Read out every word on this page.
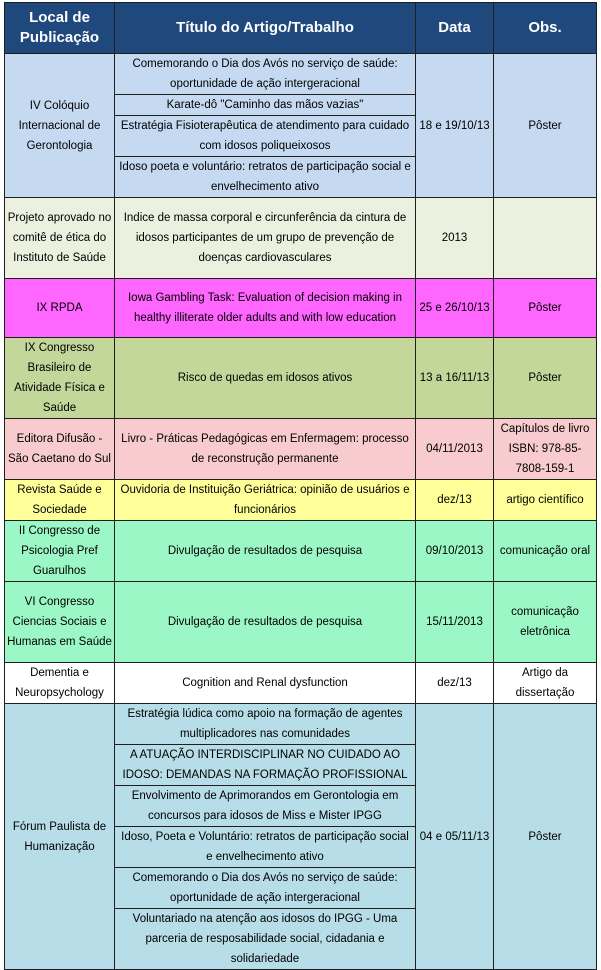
Local de Publicação	Título do Artigo/Trabalho	Data	Obs.
IV Colóquio Internacional de Gerontologia	Comemorando o Dia dos Avós no serviço de saúde: oportunidade de ação intergeracional	18 e 19/10/13	Pôster
	Karate-dô "Caminho das mãos vazias"		
	Estratégia Fisioterapêutica de atendimento para cuidado com idosos poliqueixosos		
	Idoso poeta e voluntário: retratos de participação social e envelhecimento ativo		
Projeto aprovado no comitê de ética do Instituto de Saúde	Indice de massa corporal e circunferência da cintura de idosos participantes de um grupo de prevenção de doenças cardiovasculares	2013	
IX RPDA	Iowa Gambling Task: Evaluation of decision making in healthy illiterate older adults and with low education	25 e 26/10/13	Pôster
IX Congresso Brasileiro de Atividade Física e Saúde	Risco de quedas em idosos ativos	13 a 16/11/13	Pôster
Editora Difusão - São Caetano do Sul	Livro - Práticas Pedagógicas em Enfermagem: processo de reconstrução permanente	04/11/2013	Capítulos de livro ISBN: 978-85-7808-159-1
Revista Saúde e Sociedade	Ouvidoria de Instituição Geriátrica: opinião de usuários e funcionários	dez/13	artigo científico
II Congresso de Psicologia Pref Guarulhos	Divulgação de resultados de pesquisa	09/10/2013	comunicação oral
VI Congresso Ciencias Sociais e Humanas em Saúde	Divulgação de resultados de pesquisa	15/11/2013	comunicação eletrônica
Dementia e Neuropsychology	Cognition and Renal dysfunction	dez/13	Artigo da dissertação
Fórum Paulista de Humanização	Estratégia lúdica como apoio na formação de agentes multiplicadores nas comunidades	04 e 05/11/13	Pôster
	A ATUAÇÃO INTERDISCIPLINAR NO CUIDADO AO IDOSO: DEMANDAS NA FORMAÇÃO PROFISSIONAL		
	Envolvimento de Aprimorandos em Gerontologia em concursos para idosos de Miss e Mister IPGG		
	Idoso, Poeta e Voluntário: retratos de participação social e envelhecimento ativo		
	Comemorando o Dia dos Avós no serviço de saúde: oportunidade de ação intergeracional		
	Voluntariado na atenção aos idosos do IPGG - Uma parceria de resposabilidade social, cidadania e solidariedade		
